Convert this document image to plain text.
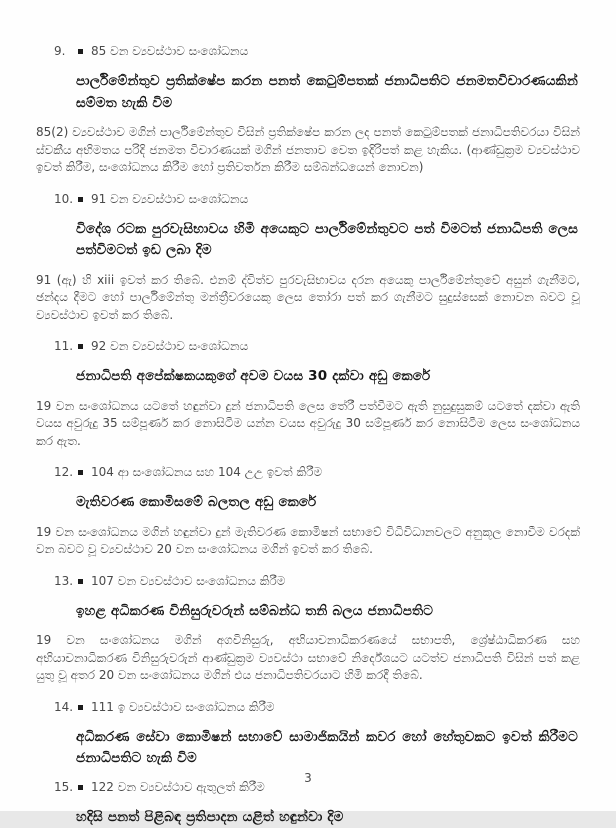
9.	85 වන ව්‍යවස්ථාව සංශෝධනය
පාර්ලිමේන්තුව ප්‍රතික්ෂේප කරන පනත් කෙටුම්පතක් ජනාධිපතිට ජනමතවිචාරණයකින් සම්මත හැකි විම

85(2) ව්‍යවස්ථාව මගින් පාර්ලිමේන්තුව විසින් ප්‍රතික්ෂේප කරන ලද පනත් කෙටුම්පතක් ජනාධිපතිවරයා විසින් ස්වකීය අභිමතය පරිදි ජනමත විචාරණයක් මගින් ජනතාව වෙත ඉදිරිපත් කළ හැකිය. (ආණ්ඩුක්‍රම ව්‍යවස්ථාව ඉවත් කිරීම, සංශෝධනය කිරීම හෝ ප්‍රතිවර්තන කිරීම සම්බන්ධයෙන් නොවන)

10.	91 වන ව්‍යවස්ථාව සංශෝධනය
විදේශ රටක පුරවැසිභාවය හිමි අයෙකුට පාර්ලිමේන්තුවට පත් විමටත් ජනාධිපති ලෙස පත්විමටත් ඉඩ ලබා දිම

91 (ඇ) හි xiii ඉවත් කර තිබේ. එනම් ද්විත්ව පුරවැසිභාවය දරන අයෙකු පාර්ලිමේන්තුවේ අසුන් ගැනීමට, ඡන්දය දීමට හෝ පාර්ලිමේන්තු මන්ත්‍රීවරයෙකු ලෙස තෝරා පත් කර ගැනීමට සුදුස්සෙක් නොවන බවට වූ ව්‍යවස්ථාව ඉවත් කර තිබේ.

11.	92 වන ව්‍යවස්ථාව සංශෝධනය
ජනාධිපති අපේක්ෂකයකුගේ අවම වයස 30 දක්වා අඩු කෙරේ

19 වන සංශෝධනය යටතේ හඳුන්වා දුන් ජනාධිපති ලෙස තේරී පත්වීමට ඇති නුසුදුසුකම් යටතේ දක්වා ඇති වයස අවුරුදු 35 සම්පූර්ණ කර නොසිටීම යන්න වයස අවුරුදු 30 සම්පූර්ණ කර නොසිටීම ලෙස සංශෝධනය කර ඇත.

12.	104 ආ සංශෝධනය සහ 104 උඋ ඉවත් කිරීම
මැතිවරණ කොමිසමේ බලතල අඩු කෙරේ

19 වන සංශෝධනය මගින් හඳුන්වා දුන් මැතිවරණ කොමිෂන් සභාවේ විධිවිධානවලට අනුකූල නොවීම වරදක් වන බවට වූ ව්‍යවස්ථාව 20 වන සංශෝධනය මගින් ඉවත් කර තිබේ.

13.	107 වන ව්‍යවස්ථාව සංශෝධනය කිරීම
ඉහළ අධිකරණ විනිසුරුවරුන් සම්බන්ධ තනි බලය ජනාධිපතිට

19 වන සංශෝධනය මගින් අගවිනිසුරු, අභියාචනාධිකරණයේ සභාපති, ශ්‍රේෂ්ඨාධිකරණ සහ අභියාචනාධිකරණ විනිසුරුවරුන් ආණ්ඩුක්‍රම ව්‍යවස්ථා සභාවේ නිර්දේශයට යටත්ව ජනාධිපති විසින් පත් කළ යුතු වූ අතර 20 වන සංශෝධනය මගින් එය ජනාධිපතිවරයාට හිමි කරදී තිබේ.

14.	111 ඉ ව්‍යවස්ථාව සංශෝධනය කිරීම
අධිකරණ සේවා කොමිෂන් සභාවේ සාමාජිකයින් කවර හෝ හේතුවකට ඉවත් කිරීමට ජනාධිපතිට හැකි විම
15.	122 වන ව්‍යවස්ථාව ඇතුලත් කිරීම
හදිසි පනත් පිළිබඳ ප්‍රතිපාදන යළිත් හඳුන්වා දිම
3
